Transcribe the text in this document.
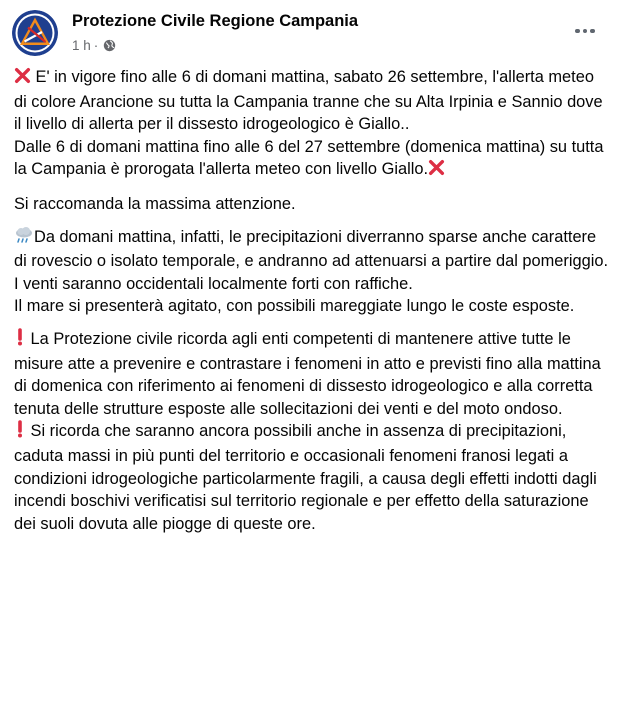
Protezione Civile Regione Campania
1 h ·

E' in vigore fino alle 6 di domani mattina, sabato 26 settembre, l'allerta meteo di colore Arancione su tutta la Campania tranne che su Alta Irpinia e Sannio dove il livello di allerta per il dissesto idrogeologico è Giallo..
Dalle 6 di domani mattina fino alle 6 del 27 settembre (domenica mattina) su tutta la Campania è prorogata l'allerta meteo con livello Giallo.

Si raccomanda la massima attenzione.

Da domani mattina, infatti, le precipitazioni diverranno sparse anche carattere di rovescio o isolato temporale, e andranno ad attenuarsi a partire dal pomeriggio. I venti saranno occidentali localmente forti con raffiche.
Il mare si presenterà agitato, con possibili mareggiate lungo le coste esposte.

La Protezione civile ricorda agli enti competenti di mantenere attive tutte le misure atte a prevenire e contrastare i fenomeni in atto e previsti fino alla mattina di domenica con riferimento ai fenomeni di dissesto idrogeologico e alla corretta tenuta delle strutture esposte alle sollecitazioni dei venti e del moto ondoso.

Si ricorda che saranno ancora possibili anche in assenza di precipitazioni, caduta massi in più punti del territorio e occasionali fenomeni franosi legati a condizioni idrogeologiche particolarmente fragili, a causa degli effetti indotti dagli incendi boschivi verificatisi sul territorio regionale e per effetto della saturazione dei suoli dovuta alle piogge di queste ore.
